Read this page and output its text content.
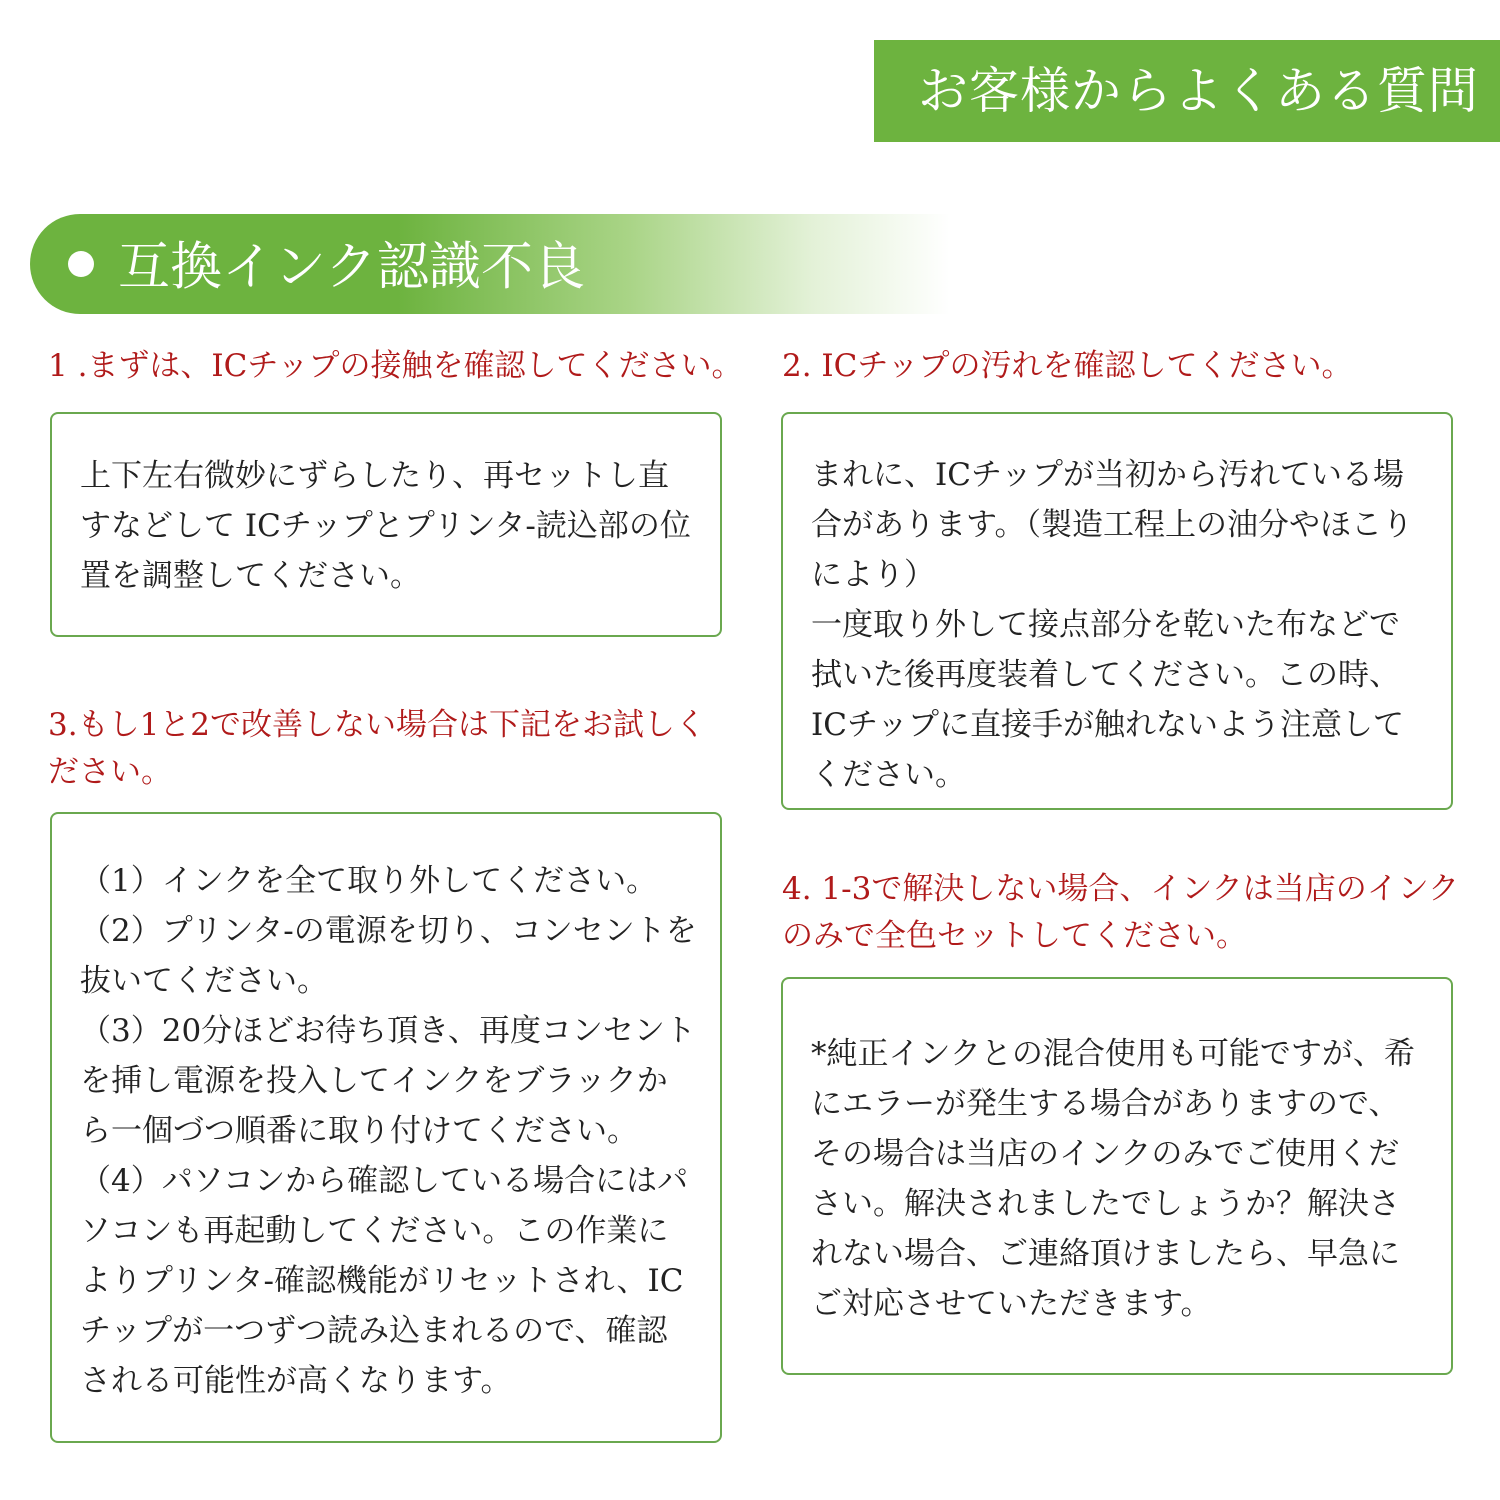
お客様からよくある質問
互換インク認識不良
1 .まずは、ICチップの接触を確認してください。

上下左右微妙にずらしたり、再セットし直すなどして ICチップとプリンタ-読込部の位置を調整してください。

2. ICチップの汚れを確認してください。

まれに、ICチップが当初から汚れている場合があります。（製造工程上の油分やほこりにより）
一度取り外して接点部分を乾いた布などで拭いた後再度装着してください。この時、ICチップに直接手が触れないよう注意してください。

3.もし1と2で改善しない場合は下記をお試しください。

（1）インクを全て取り外してください。
（2）プリンタ-の電源を切り、コンセントを抜いてください。
（3）20分ほどお待ち頂き、再度コンセントを挿し電源を投入してインクをブラックから一個づつ順番に取り付けてください。
（4）パソコンから確認している場合にはパソコンも再起動してください。この作業によりプリンタ-確認機能がリセットされ、ICチップが一つずつ読み込まれるので、確認される可能性が高くなります。

4. 1-3で解決しない場合、インクは当店のインクのみで全色セットしてください。

*純正インクとの混合使用も可能ですが、希にエラーが発生する場合がありますので、その場合は当店のインクのみでご使用ください。解決されましたでしょうか？解決されない場合、ご連絡頂けましたら、早急にご対応させていただきます。
